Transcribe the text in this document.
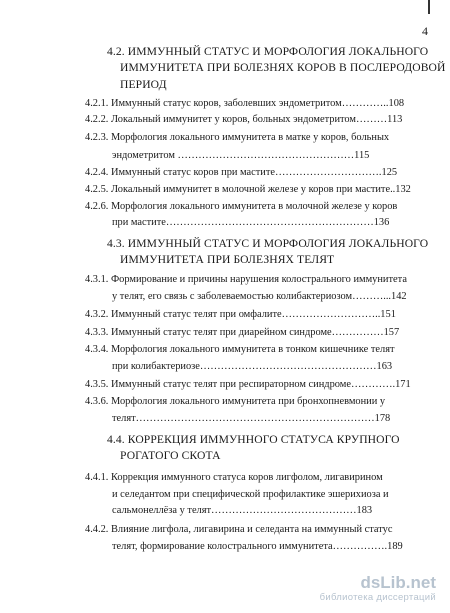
4
4.2. ИММУННЫЙ СТАТУС И МОРФОЛОГИЯ ЛОКАЛЬНОГО
ИММУНИТЕТА ПРИ БОЛЕЗНЯХ КОРОВ В ПОСЛЕРОДОВОЙ
ПЕРИОД
4.2.1. Иммунный статус коров, заболевших эндометритом…………..108
4.2.2. Локальный иммунитет у коров, больных эндометритом………113
4.2.3. Морфология локального иммунитета в матке у коров, больных
эндометритом ……………………………………………115
4.2.4. Иммунный статус коров при мастите………………………….125
4.2.5. Локальный иммунитет в молочной железе у коров при мастите..132
4.2.6. Морфология локального иммунитета в молочной железе у коров
при мастите……………………………………………………136
4.3. ИММУННЫЙ СТАТУС И МОРФОЛОГИЯ ЛОКАЛЬНОГО
ИММУНИТЕТА ПРИ БОЛЕЗНЯХ ТЕЛЯТ
4.3.1. Формирование и причины нарушения колострального иммунитета
у телят, его связь с заболеваемостью колибактериозом………...142
4.3.2. Иммунный статус телят при омфалите………………………..151
4.3.3. Иммунный статус телят при диарейном синдроме……………157
4.3.4. Морфология локального иммунитета в тонком кишечнике телят
при колибактериозе……………………………………………163
4.3.5. Иммунный статус телят при респираторном синдроме………….171
4.3.6. Морфология локального иммунитета при бронхопневмонии у
телят……………………………………………………………178
4.4. КОРРЕКЦИЯ ИММУННОГО СТАТУСА КРУПНОГО
РОГАТОГО СКОТА
4.4.1. Коррекция иммунного статуса коров лигфолом, лигавирином
и селедантом при специфической профилактике эшерихиоза и
сальмонеллёза у телят……………………………………183
4.4.2. Влияние лигфола, лигавирина и селеданта на иммунный статус
телят, формирование колострального иммунитета…………….189
dsLib.net
библиотека диссертаций
